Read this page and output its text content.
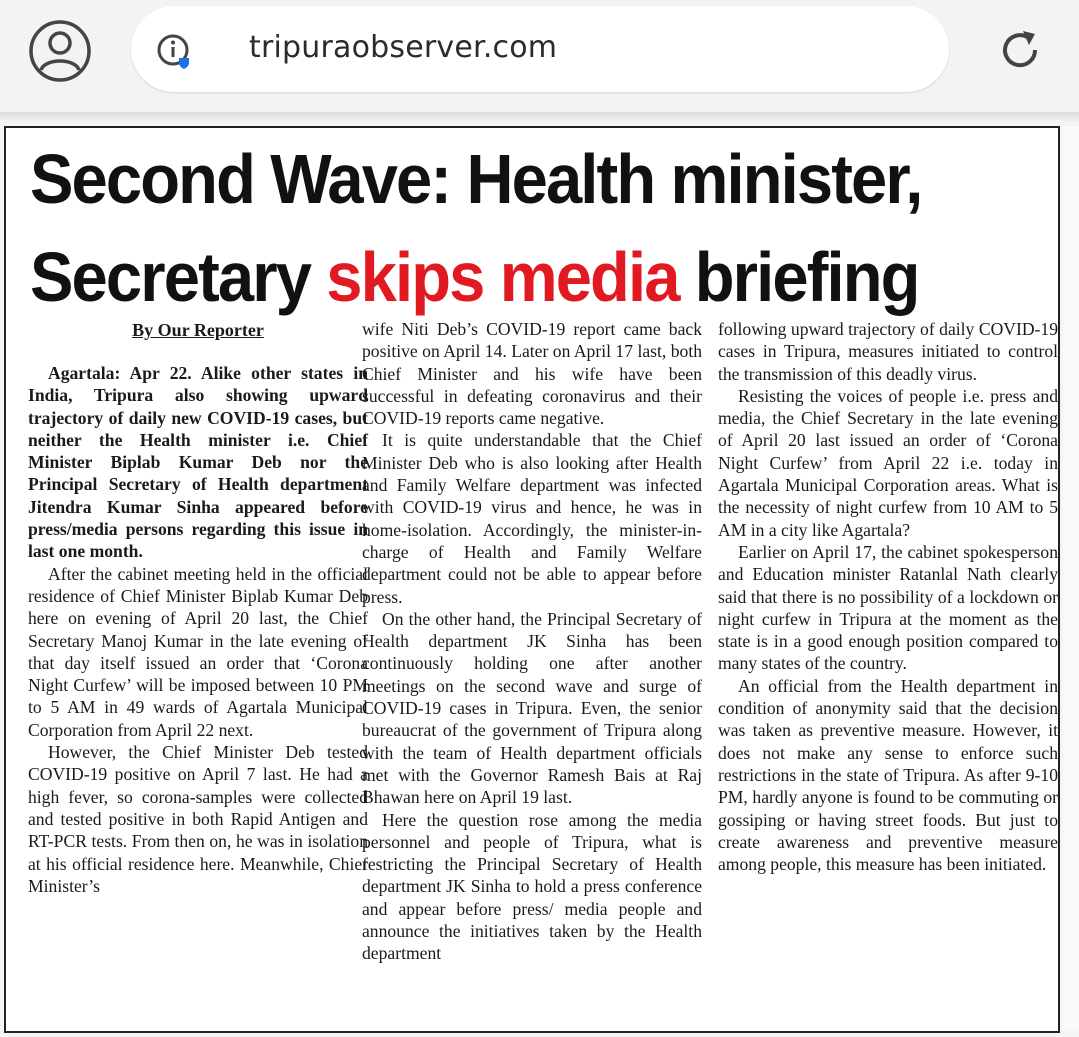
tripuraobserver.com
Second Wave: Health minister,
Secretary skips media briefing

By Our Reporter

Agartala: Apr 22. Alike other states in India, Tripura also showing upward trajectory of daily new COVID-19 cases, but neither the Health minister i.e. Chief Minister Biplab Kumar Deb nor the Principal Secretary of Health department Jitendra Kumar Sinha appeared before press/media persons regarding this issue in last one month.

After the cabinet meeting held in the official residence of Chief Minister Biplab Kumar Deb here on evening of April 20 last, the Chief Secretary Manoj Kumar in the late evening of that day itself issued an order that ‘Corona Night Curfew’ will be imposed between 10 PM to 5 AM in 49 wards of Agartala Municipal Corporation from April 22 next.

However, the Chief Minister Deb tested COVID-19 positive on April 7 last. He had a high fever, so corona-samples were collected and tested positive in both Rapid Antigen and RT-PCR tests. From then on, he was in isolation at his official residence here. Meanwhile, Chief Minister’s

wife Niti Deb’s COVID-19 report came back positive on April 14. Later on April 17 last, both Chief Minister and his wife have been successful in defeating coronavirus and their COVID-19 reports came negative.

It is quite understandable that the Chief Minister Deb who is also looking after Health and Family Welfare department was infected with COVID-19 virus and hence, he was in home-isolation. Accordingly, the minister-in-charge of Health and Family Welfare department could not be able to appear before press.

On the other hand, the Principal Secretary of Health department JK Sinha has been continuously holding one after another meetings on the second wave and surge of COVID-19 cases in Tripura. Even, the senior bureaucrat of the government of Tripura along with the team of Health department officials met with the Governor Ramesh Bais at Raj Bhawan here on April 19 last.

Here the question rose among the media personnel and people of Tripura, what is restricting the Principal Secretary of Health department JK Sinha to hold a press conference and appear before press/ media people and announce the initiatives taken by the Health department

following upward trajectory of daily COVID-19 cases in Tripura, measures initiated to control the transmission of this deadly virus.

Resisting the voices of people i.e. press and media, the Chief Secretary in the late evening of April 20 last issued an order of ‘Corona Night Curfew’ from April 22 i.e. today in Agartala Municipal Corporation areas. What is the necessity of night curfew from 10 AM to 5 AM in a city like Agartala?

Earlier on April 17, the cabinet spokesperson and Education minister Ratanlal Nath clearly said that there is no possibility of a lockdown or night curfew in Tripura at the moment as the state is in a good enough position compared to many states of the country.

An official from the Health department in condition of anonymity said that the decision was taken as preventive measure. However, it does not make any sense to enforce such restrictions in the state of Tripura. As after 9-10 PM, hardly anyone is found to be commuting or gossiping or having street foods. But just to create awareness and preventive measure among people, this measure has been initiated.
